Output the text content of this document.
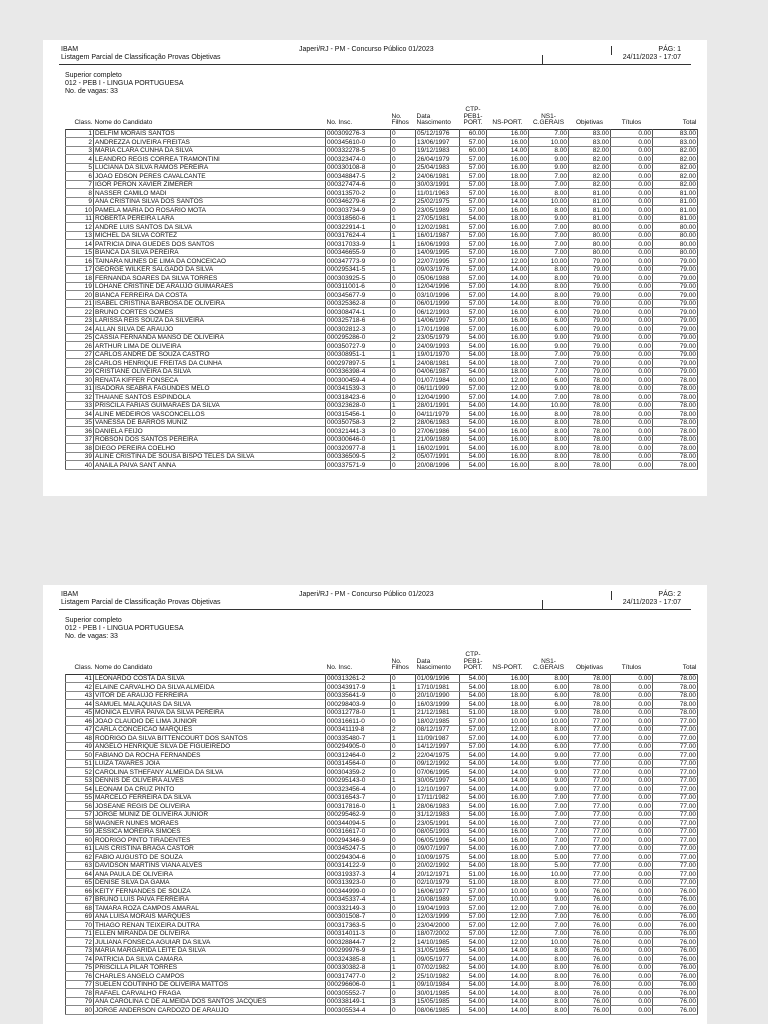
IBAM
Listagem Parcial de Classificação Provas Objetivas
Japeri/RJ - PM - Concurso Público 01/2023	PÁG: 1
24/11/2023 - 17:07
Superior completo
012 - PEB I - LINGUA PORTUGUESA
No. de vagas: 33
Class.	Nome do Candidato	No. Insc.	No.
Filhos	Data
Nascimento	CTP-
PEB1-
PORT.	NS-PORT.	NS1-
C.GERAIS	Objetivas	Títulos	Total
1	DELFIM MORAIS SANTOS	000309276-3	0	05/12/1976	60.00	16.00	7.00	83.00	0.00	83.00
2	ANDREZZA OLIVEIRA FREITAS	000345610-0	0	13/06/1997	57.00	16.00	10.00	83.00	0.00	83.00
3	MARIA CLARA CUNHA DA SILVA	000332278-5	0	19/12/1983	60.00	14.00	8.00	82.00	0.00	82.00
4	LEANDRO REGIS CORREA TRAMONTINI	000323474-0	0	26/04/1979	57.00	16.00	9.00	82.00	0.00	82.00
5	LUCIANA DA SILVA RAMOS PEREIRA	000330108-8	0	25/04/1983	57.00	16.00	9.00	82.00	0.00	82.00
6	JOAO EDSON PERES CAVALCANTE	000348847-5	2	24/06/1981	57.00	18.00	7.00	82.00	0.00	82.00
7	IGOR PERON XAVIER ZIMERER	000327474-6	0	30/03/1991	57.00	18.00	7.00	82.00	0.00	82.00
8	NASSER CAMILO MADI	000313570-2	0	11/01/1963	57.00	16.00	8.00	81.00	0.00	81.00
9	ANA CRISTINA SILVA DOS SANTOS	000346279-6	2	25/02/1975	57.00	14.00	10.00	81.00	0.00	81.00
10	PAMELA MARIA DO ROSARIO MOTA	000303734-9	0	23/05/1989	57.00	16.00	8.00	81.00	0.00	81.00
11	ROBERTA PEREIRA LARA	000318560-6	1	27/05/1981	54.00	18.00	9.00	81.00	0.00	81.00
12	ANDRE LUIS SANTOS DA SILVA	000322914-1	0	12/02/1981	57.00	16.00	7.00	80.00	0.00	80.00
13	MICHEL DA SILVA CORTEZ	000317624-4	1	16/01/1987	57.00	16.00	7.00	80.00	0.00	80.00
14	PATRICIA DINA GUEDES DOS SANTOS	000317033-9	1	16/06/1993	57.00	16.00	7.00	80.00	0.00	80.00
15	BIANCA DA SILVA PEREIRA	000346655-9	0	14/09/1995	57.00	16.00	7.00	80.00	0.00	80.00
16	TAINARA NUNES DE LIMA DA CONCEICAO	000347773-9	0	22/07/1995	57.00	12.00	10.00	79.00	0.00	79.00
17	GEORGE WILKER SALGADO DA SILVA	000295341-5	1	09/03/1976	57.00	14.00	8.00	79.00	0.00	79.00
18	FERNANDA SOARES DA SILVA TORRES	000303925-5	0	05/06/1988	57.00	14.00	8.00	79.00	0.00	79.00
19	LOHANE CRISTINE DE ARAUJO GUIMARAES	000311001-6	0	12/04/1996	57.00	14.00	8.00	79.00	0.00	79.00
20	BIANCA FERREIRA DA COSTA	000345677-9	0	03/10/1996	57.00	14.00	8.00	79.00	0.00	79.00
21	ISABEL CRISTINA BARBOSA DE OLIVEIRA	000325362-8	0	06/01/1999	57.00	14.00	8.00	79.00	0.00	79.00
22	BRUNO CORTES GOMES	000308474-1	0	06/12/1993	57.00	16.00	6.00	79.00	0.00	79.00
23	LARISSA REIS SOUZA DA SILVEIRA	000325718-6	0	14/06/1997	57.00	16.00	6.00	79.00	0.00	79.00
24	ALLAN SILVA DE ARAUJO	000302812-3	0	17/01/1998	57.00	16.00	6.00	79.00	0.00	79.00
25	CASSIA FERNANDA MANSO DE OLIVEIRA	000295286-0	2	23/05/1979	54.00	16.00	9.00	79.00	0.00	79.00
26	ARTHUR LIMA DE OLIVEIRA	000350727-9	0	24/09/1993	54.00	16.00	9.00	79.00	0.00	79.00
27	CARLOS ANDRE DE SOUZA CASTRO	000308951-1	1	19/01/1970	54.00	18.00	7.00	79.00	0.00	79.00
28	CARLOS HENRIQUE FREITAS DA CUNHA	000297897-5	1	24/08/1981	54.00	18.00	7.00	79.00	0.00	79.00
29	CRISTIANE OLIVEIRA DA SILVA	000336398-4	0	04/06/1987	54.00	18.00	7.00	79.00	0.00	79.00
30	RENATA KIFFER FONSECA	000300459-4	0	01/07/1984	60.00	12.00	6.00	78.00	0.00	78.00
31	ISADORA SEABRA FAGUNDES MELO	000341539-3	0	06/11/1999	57.00	12.00	9.00	78.00	0.00	78.00
32	THAIANE SANTOS ESPINDOLA	000318423-6	0	12/04/1990	57.00	14.00	7.00	78.00	0.00	78.00
33	PRISCILA FARIAS GUIMARAES DA SILVA	000323628-0	1	28/01/1991	54.00	14.00	10.00	78.00	0.00	78.00
34	ALINE MEDEIROS VASCONCELLOS	000315456-1	0	04/11/1979	54.00	16.00	8.00	78.00	0.00	78.00
35	VANESSA DE BARROS MUNIZ	000350758-3	2	28/06/1983	54.00	16.00	8.00	78.00	0.00	78.00
36	DANIELA FEIJO	000321441-3	0	27/06/1986	54.00	16.00	8.00	78.00	0.00	78.00
37	ROBSON DOS SANTOS PEREIRA	000300646-0	1	21/09/1989	54.00	16.00	8.00	78.00	0.00	78.00
38	DIEGO PEREIRA COELHO	000320977-8	1	16/02/1991	54.00	16.00	8.00	78.00	0.00	78.00
39	ALINE CRISTINA DE SOUSA BISPO TELES DA SILVA	000336509-5	2	05/07/1991	54.00	16.00	8.00	78.00	0.00	78.00
40	ANAILA PAIVA SANT ANNA	000337571-9	0	20/08/1996	54.00	16.00	8.00	78.00	0.00	78.00
IBAM
Listagem Parcial de Classificação Provas Objetivas
Japeri/RJ - PM - Concurso Público 01/2023	PÁG: 2
24/11/2023 - 17:07
Superior completo
012 - PEB I - LINGUA PORTUGUESA
No. de vagas: 33
Class.	Nome do Candidato	No. Insc.	No.
Filhos	Data
Nascimento	CTP-
PEB1-
PORT.	NS-PORT.	NS1-
C.GERAIS	Objetivas	Títulos	Total
41	LEONARDO COSTA DA SILVA	000313261-2	0	01/09/1996	54.00	16.00	8.00	78.00	0.00	78.00
42	ELAINE CARVALHO DA SILVA ALMEIDA	000343917-9	1	17/10/1981	54.00	18.00	6.00	78.00	0.00	78.00
43	VITOR DE ARAUJO FERREIRA	000335641-9	0	20/10/1990	54.00	18.00	6.00	78.00	0.00	78.00
44	SAMUEL MALAQUIAS DA SILVA	000298403-9	0	16/03/1999	54.00	18.00	6.00	78.00	0.00	78.00
45	MONICA ELVIRA PAIVA DA SILVA PEREIRA	000312778-0	1	21/12/1981	51.00	18.00	9.00	78.00	0.00	78.00
46	JOAO CLAUDIO DE LIMA JUNIOR	000316611-0	0	18/02/1985	57.00	10.00	10.00	77.00	0.00	77.00
47	CARLA CONCEICAO MARQUES	000341119-8	2	08/12/1977	57.00	12.00	8.00	77.00	0.00	77.00
48	RODRIGO DA SILVA BITTENCOURT DOS SANTOS	000335480-7	1	11/09/1987	57.00	14.00	6.00	77.00	0.00	77.00
49	ANGELO HENRIQUE SILVA DE FIGUEIREDO	000294905-0	0	14/12/1997	57.00	14.00	6.00	77.00	0.00	77.00
50	FABIANO DA ROCHA FERNANDES	000312464-0	2	22/04/1975	54.00	14.00	9.00	77.00	0.00	77.00
51	LUIZA TAVARES JOIA	000314564-0	0	09/12/1992	54.00	14.00	9.00	77.00	0.00	77.00
52	CAROLINA STHEFANY ALMEIDA DA SILVA	000304359-2	0	07/06/1995	54.00	14.00	9.00	77.00	0.00	77.00
53	DENNIS DE OLIVEIRA ALVES	000295143-0	1	30/05/1997	54.00	14.00	9.00	77.00	0.00	77.00
54	LEONAM DA CRUZ PINTO	000323456-4	0	12/10/1997	54.00	14.00	9.00	77.00	0.00	77.00
55	MARCELO FERREIRA DA SILVA	000316543-7	0	17/11/1982	54.00	16.00	7.00	77.00	0.00	77.00
56	JOSEANE REGIS DE OLIVEIRA	000317816-0	1	28/06/1983	54.00	16.00	7.00	77.00	0.00	77.00
57	JORGE MUNIZ DE OLIVEIRA JUNIOR	000295462-9	0	31/12/1983	54.00	16.00	7.00	77.00	0.00	77.00
58	WAGNER NUNES MORAES	000344094-5	0	23/05/1991	54.00	16.00	7.00	77.00	0.00	77.00
59	JESSICA MOREIRA SIMOES	000316617-0	0	08/05/1993	54.00	16.00	7.00	77.00	0.00	77.00
60	RODRIGO PINTO TIRADENTES	000294346-9	0	06/05/1996	54.00	16.00	7.00	77.00	0.00	77.00
61	LAIS CRISTINA BRAGA CASTOR	000345247-5	0	09/07/1997	54.00	16.00	7.00	77.00	0.00	77.00
62	FABIO AUGUSTO DE SOUZA	000294304-6	0	10/09/1975	54.00	18.00	5.00	77.00	0.00	77.00
63	DAVIDSON MARTINS VIANA ALVES	000314122-9	0	20/02/1992	54.00	18.00	5.00	77.00	0.00	77.00
64	ANA PAULA DE OLIVEIRA	000319337-3	4	20/12/1971	51.00	16.00	10.00	77.00	0.00	77.00
65	DENISE SILVA DA GAMA	000313923-0	0	02/10/1979	51.00	18.00	8.00	77.00	0.00	77.00
66	KEITY FERNANDES DE SOUZA	000344999-0	0	16/06/1977	57.00	10.00	9.00	76.00	0.00	76.00
67	BRUNO LUIS PAIVA FERREIRA	000345337-4	1	20/08/1989	57.00	10.00	9.00	76.00	0.00	76.00
68	TAMARA ROZA CAMPOS AMARAL	000332149-3	0	19/04/1993	57.00	12.00	7.00	76.00	0.00	76.00
69	ANA LUISA MORAIS MARQUES	000301508-7	0	12/03/1999	57.00	12.00	7.00	76.00	0.00	76.00
70	THIAGO RENAN TEIXEIRA DUTRA	000317363-5	0	23/04/2000	57.00	12.00	7.00	76.00	0.00	76.00
71	ELLEN MIRANDA DE OLIVEIRA	000314011-3	0	18/07/2002	57.00	12.00	7.00	76.00	0.00	76.00
72	JULIANA FONSECA AGUIAR DA SILVA	000328844-7	2	14/10/1985	54.00	12.00	10.00	76.00	0.00	76.00
73	MARIA MARGARIDA LEITE DA SILVA	000299976-9	1	31/05/1965	54.00	14.00	8.00	76.00	0.00	76.00
74	PATRICIA DA SILVA CAMARA	000324385-8	1	09/05/1977	54.00	14.00	8.00	76.00	0.00	76.00
75	PRISCILLA PILAR TORRES	000330382-8	1	07/02/1982	54.00	14.00	8.00	76.00	0.00	76.00
76	CHARLES ANGELO CAMPOS	000317477-0	2	25/10/1982	54.00	14.00	8.00	76.00	0.00	76.00
77	SUELEN COUTINHO DE OLIVEIRA MATTOS	000296606-0	1	09/10/1984	54.00	14.00	8.00	76.00	0.00	76.00
78	RAFAEL CARVALHO FRAGA	000305552-7	0	30/01/1985	54.00	14.00	8.00	76.00	0.00	76.00
79	ANA CAROLINA C DE ALMEIDA DOS SANTOS JACQUES	000338149-1	3	15/05/1985	54.00	14.00	8.00	76.00	0.00	76.00
80	JORGE ANDERSON CARDOZO DE ARAUJO	000305534-4	0	08/06/1985	54.00	14.00	8.00	76.00	0.00	76.00
